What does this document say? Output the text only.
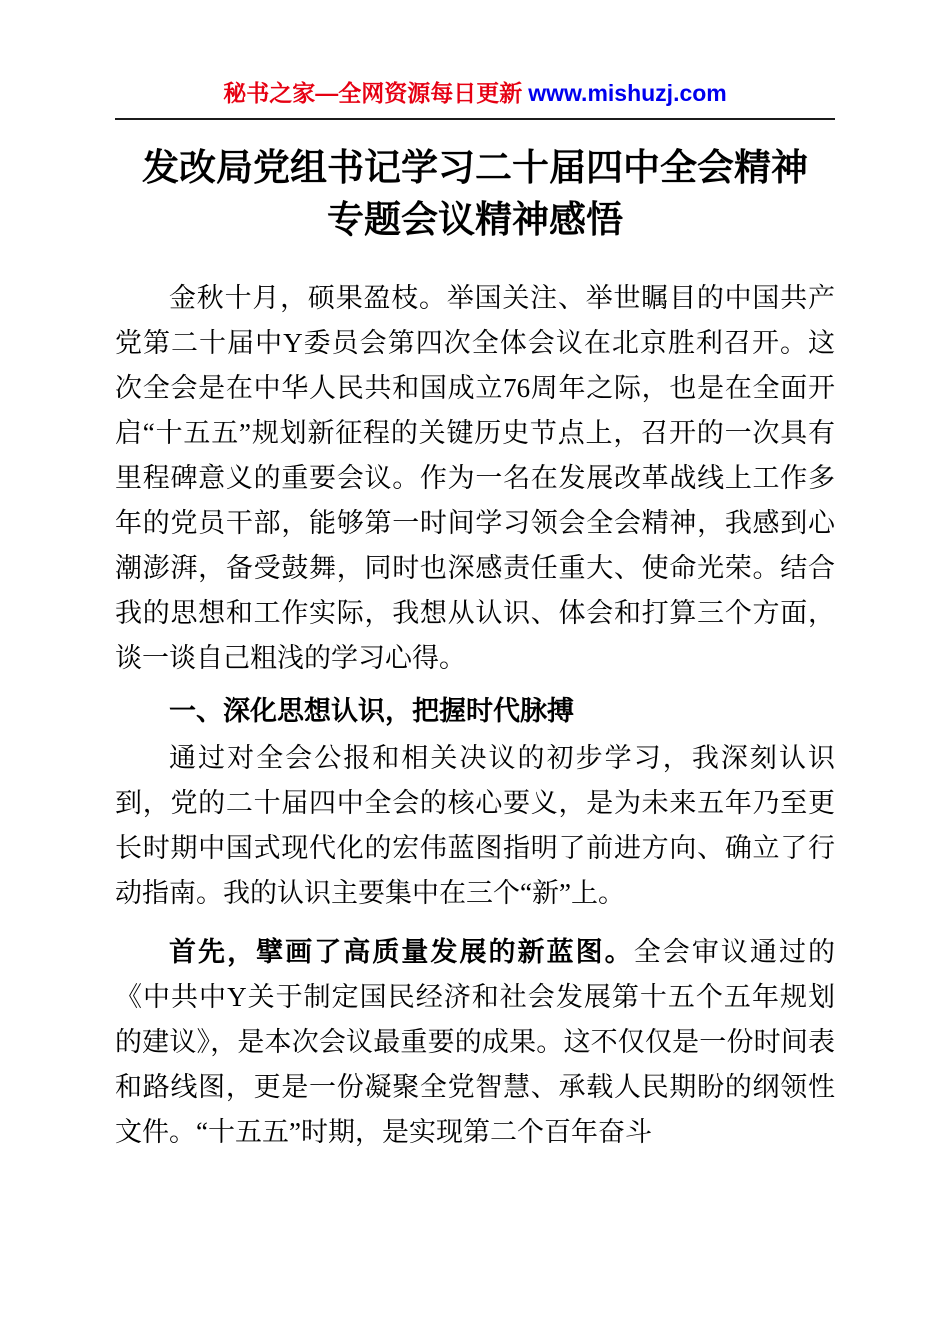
秘书之家—全网资源每日更新 www.mishuzj.com
发改局党组书记学习二十届四中全会精神
专题会议精神感悟

金秋十月，硕果盈枝。举国关注、举世瞩目的中国共产党第二十届中Y委员会第四次全体会议在北京胜利召开。这次全会是在中华人民共和国成立76周年之际，也是在全面开启“十五五”规划新征程的关键历史节点上，召开的一次具有里程碑意义的重要会议。作为一名在发展改革战线上工作多年的党员干部，能够第一时间学习领会全会精神，我感到心潮澎湃，备受鼓舞，同时也深感责任重大、使命光荣。结合我的思想和工作实际，我想从认识、体会和打算三个方面，谈一谈自己粗浅的学习心得。

一、深化思想认识，把握时代脉搏

通过对全会公报和相关决议的初步学习，我深刻认识到，党的二十届四中全会的核心要义，是为未来五年乃至更长时期中国式现代化的宏伟蓝图指明了前进方向、确立了行动指南。我的认识主要集中在三个“新”上。

首先，擘画了高质量发展的新蓝图。全会审议通过的《中共中Y关于制定国民经济和社会发展第十五个五年规划的建议》，是本次会议最重要的成果。这不仅仅是一份时间表和路线图，更是一份凝聚全党智慧、承载人民期盼的纲领性文件。“十五五”时期，是实现第二个百年奋斗
